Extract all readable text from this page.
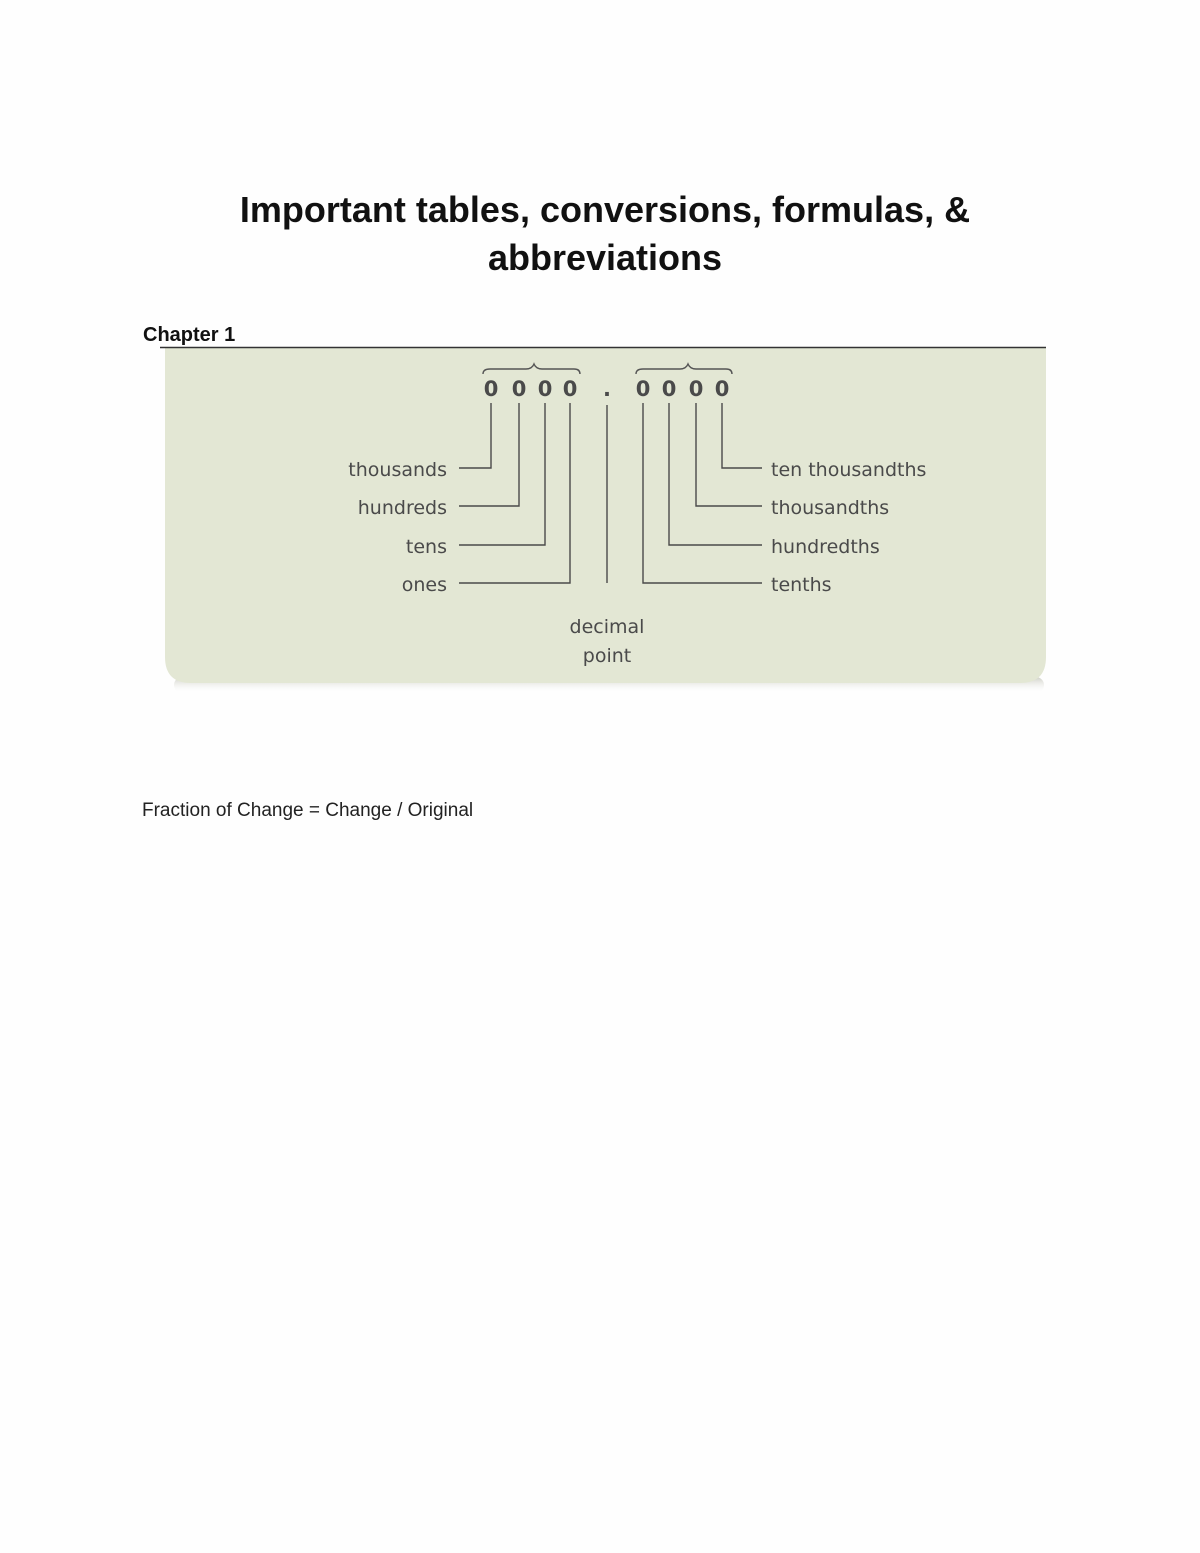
Important tables, conversions, formulas, &
abbreviations
Chapter 1
0 0 0 0 . 0 0 0 0
thousands
hundreds
tens
ones
ten thousandths
thousandths
hundredths
tenths
decimal
point
Fraction of Change = Change / Original
